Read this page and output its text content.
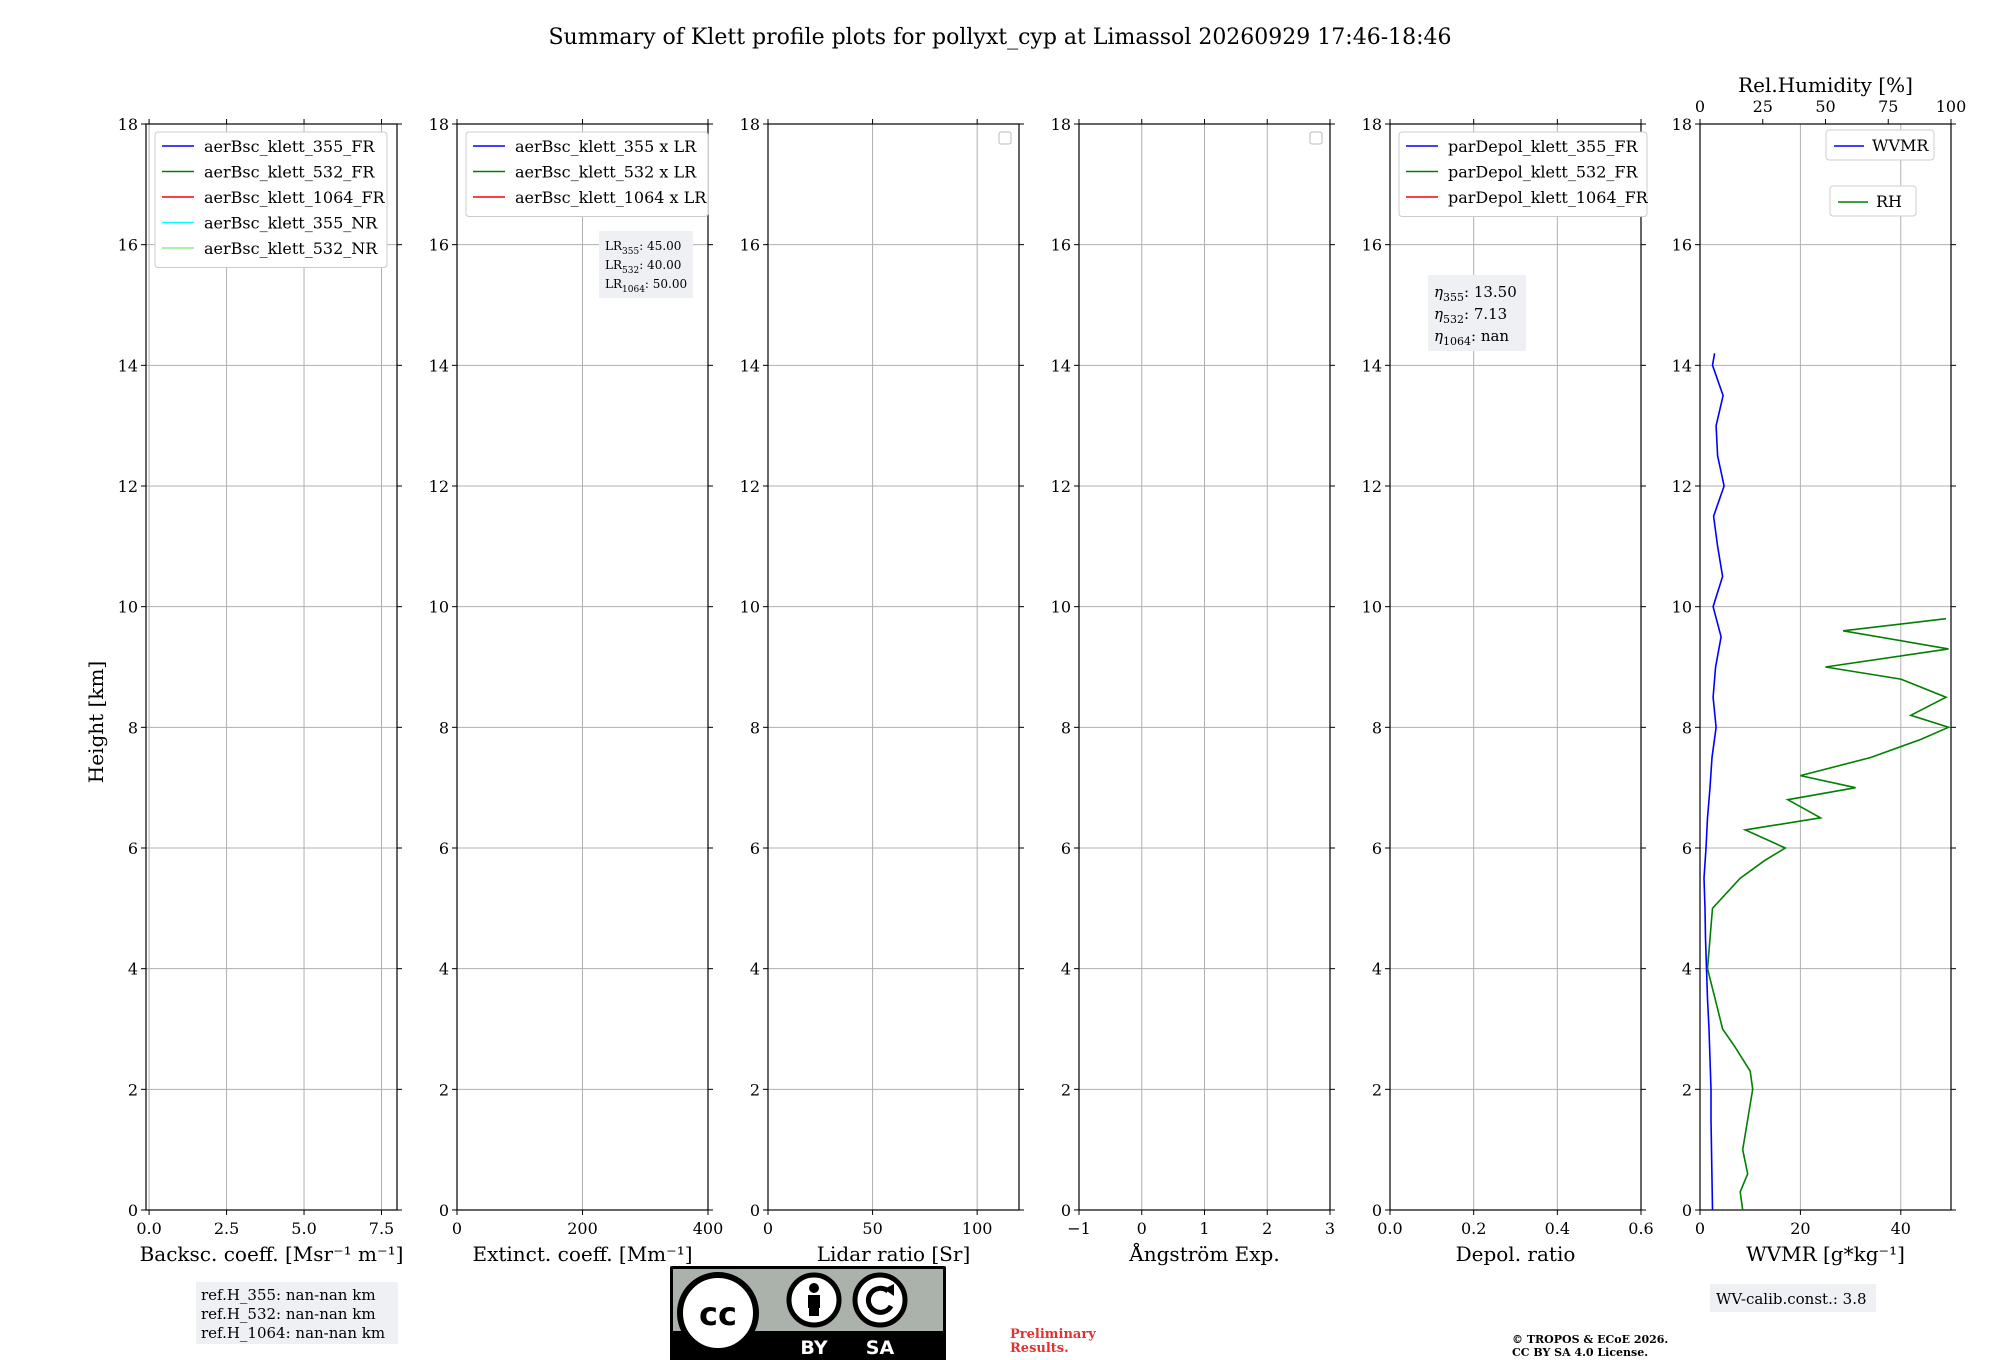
Summary of Klett profile plots for pollyxt_cyp at Limassol 20260929 17:46-18:46
Height [km]
0
2
4
6
8
10
12
14
16
18
0.0	2.5	5.0	7.5
Backsc. coeff. [Msr⁻¹ m⁻¹]
aerBsc_klett_355_FR
aerBsc_klett_532_FR
aerBsc_klett_1064_FR
aerBsc_klett_355_NR
aerBsc_klett_532_NR
0
2
4
6
8
10
12
14
16
18
0	200	400
Extinct. coeff. [Mm⁻¹]
aerBsc_klett_355 x LR
aerBsc_klett_532 x LR
aerBsc_klett_1064 x LR
$LR_{355}$: 45.00
$LR_{532}$: 40.00
$LR_{1064}$: 50.00
0
2
4
6
8
10
12
14
16
18
0	50	100
Lidar ratio [Sr]
0
2
4
6
8
10
12
14
16
18
−1	0	1	2	3
Ångström Exp.
0
2
4
6
8
10
12
14
16
18
0.0	0.2	0.4	0.6
Depol. ratio
parDepol_klett_355_FR
parDepol_klett_532_FR
parDepol_klett_1064_FR
$\eta_{355}$: 13.50
$\eta_{532}$: 7.13
$\eta_{1064}$: nan
0
2
4
6
8
10
12
14
16
18
0	20	40
WVMR [g*kg⁻¹]
0	25	50	75 100
Rel.Humidity [%]
WVMR
RH
ref.H_355: nan-nan km
ref.H_532: nan-nan km
ref.H_1064: nan-nan km	cc
BY SA
Preliminary
Results.
WV-calib.const.: 3.8
© TROPOS & ECoE 2026.
CC BY SA 4.0 License.
